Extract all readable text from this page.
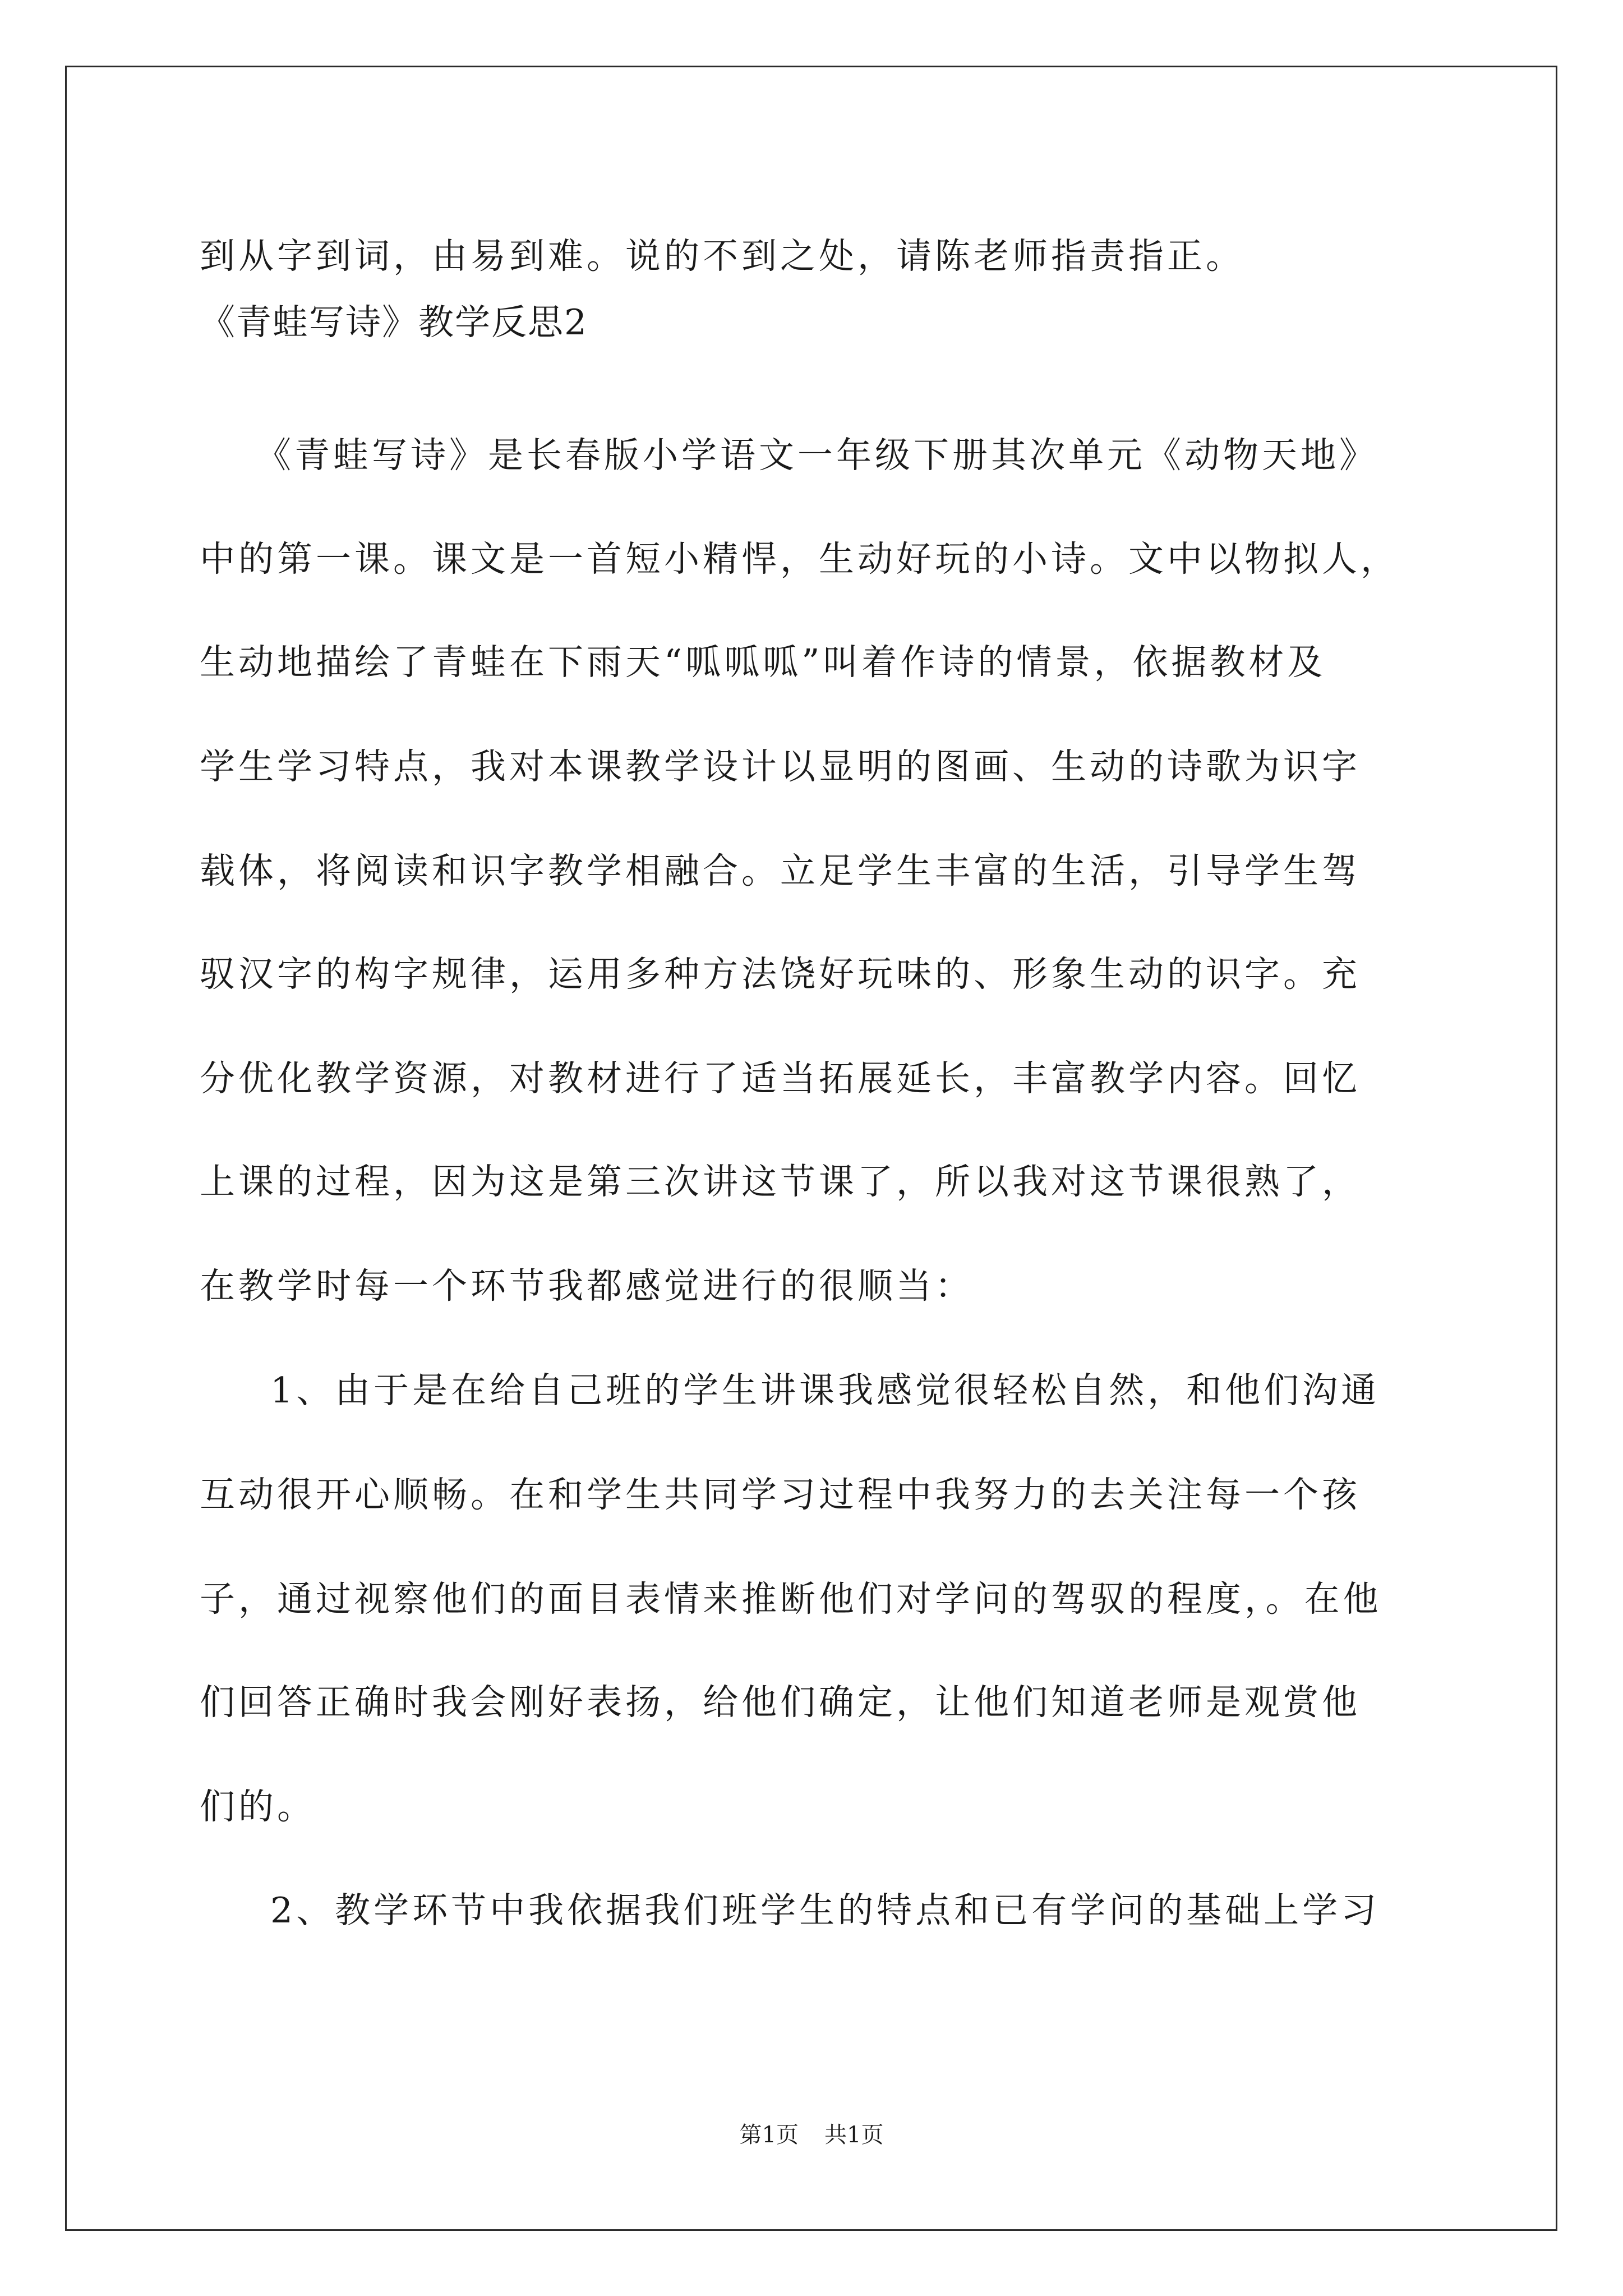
到从字到词，由易到难。说的不到之处，请陈老师指责指正。
《青蛙写诗》教学反思2
《青蛙写诗》是长春版小学语文一年级下册其次单元《动物天地》
中的第一课。课文是一首短小精悍，生动好玩的小诗。文中以物拟人，
生动地描绘了青蛙在下雨天“呱呱呱”叫着作诗的情景，依据教材及
学生学习特点，我对本课教学设计以显明的图画、生动的诗歌为识字
载体，将阅读和识字教学相融合。立足学生丰富的生活，引导学生驾
驭汉字的构字规律，运用多种方法饶好玩味的、形象生动的识字。充
分优化教学资源，对教材进行了适当拓展延长，丰富教学内容。回忆
上课的过程，因为这是第三次讲这节课了，所以我对这节课很熟了，
在教学时每一个环节我都感觉进行的很顺当：
1、由于是在给自己班的学生讲课我感觉很轻松自然，和他们沟通
互动很开心顺畅。在和学生共同学习过程中我努力的去关注每一个孩
子，通过视察他们的面目表情来推断他们对学问的驾驭的程度，。在他
们回答正确时我会刚好表扬，给他们确定，让他们知道老师是观赏他
们的。
2、教学环节中我依据我们班学生的特点和已有学问的基础上学习
第1页 共1页
